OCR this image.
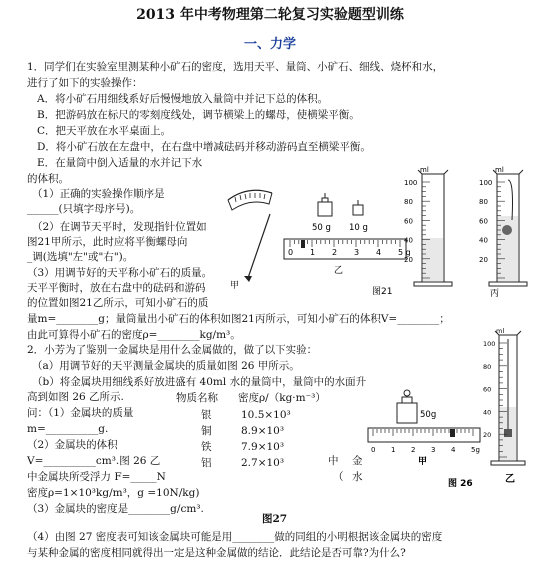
2013 年中考物理第二轮复习实验题型训练
一、力学
1．同学们在实验室里测某种小矿石的密度，选用天平、量筒、小矿石、细线、烧杯和水，
进行了如下的实验操作：
A．将小矿石用细线系好后慢慢地放入量筒中并记下总的体积。
B．把游码放在标尺的零刻度线处，调节横梁上的螺母，使横梁平衡。
C．把天平放在水平桌面上。
D．将小矿石放在左盘中，在右盘中增减砝码并移动游码直至横梁平衡。
E．在量筒中倒入适量的水并记下水
的体积。
（1）正确的实验操作顺序是
______(只填字母序号)。
（2）在调节天平时，发现指针位置如
图21甲所示，此时应将平衡螺母向
_调(选填"左"或"右")。
（3）用调节好的天平称小矿石的质量。
天平平衡时，放在右盘中的砝码和游码
的位置如图21乙所示，可知小矿石的质
量m=________g；量筒量出小矿石的体积如图21丙所示，可知小矿石的体积V=________；
由此可算得小矿石的密度ρ=________kg/m³。
甲
50 g 10 g
0 1 2 3 4 5 g
乙
图21
100	100
80	80
60	60
40	40
20	20
ml	ml
丙
2．小芳为了鉴别一金属块是用什么金属做的，做了以下实验：
（a）用调节好的天平测量金属块的质量如图 26 甲所示。
（b）将金属块用细线系好放进盛有 40ml 水的量筒中，量筒中的水面升
高到如图 26 乙所示.
问：（1）金属块的质量
m=__________g.
（2）金属块的体积
V=__________cm³.图 26 乙
中金属块所受浮力 F=_____N
密度ρ=1×10³kg/m³，g =10N/kg)
（3）金属块的密度是________g/cm³.
（4）由图 27 密度表可知该金属块可能是用________做的同组的小明根据该金属块的密度
与某种金属的密度相同就得出一定是这种金属做的结论．此结论是否可靠?为什么?
物质名称 密度ρ/（kg·m⁻³）
银	10.5×10³
铜	8.9×10³
铁	7.9×10³
铝	2.7×10³
图27
中 金
（ 水
50g
0 1 2 3 4 5g
甲
图 26
100
80
60
40
20
ml
乙
